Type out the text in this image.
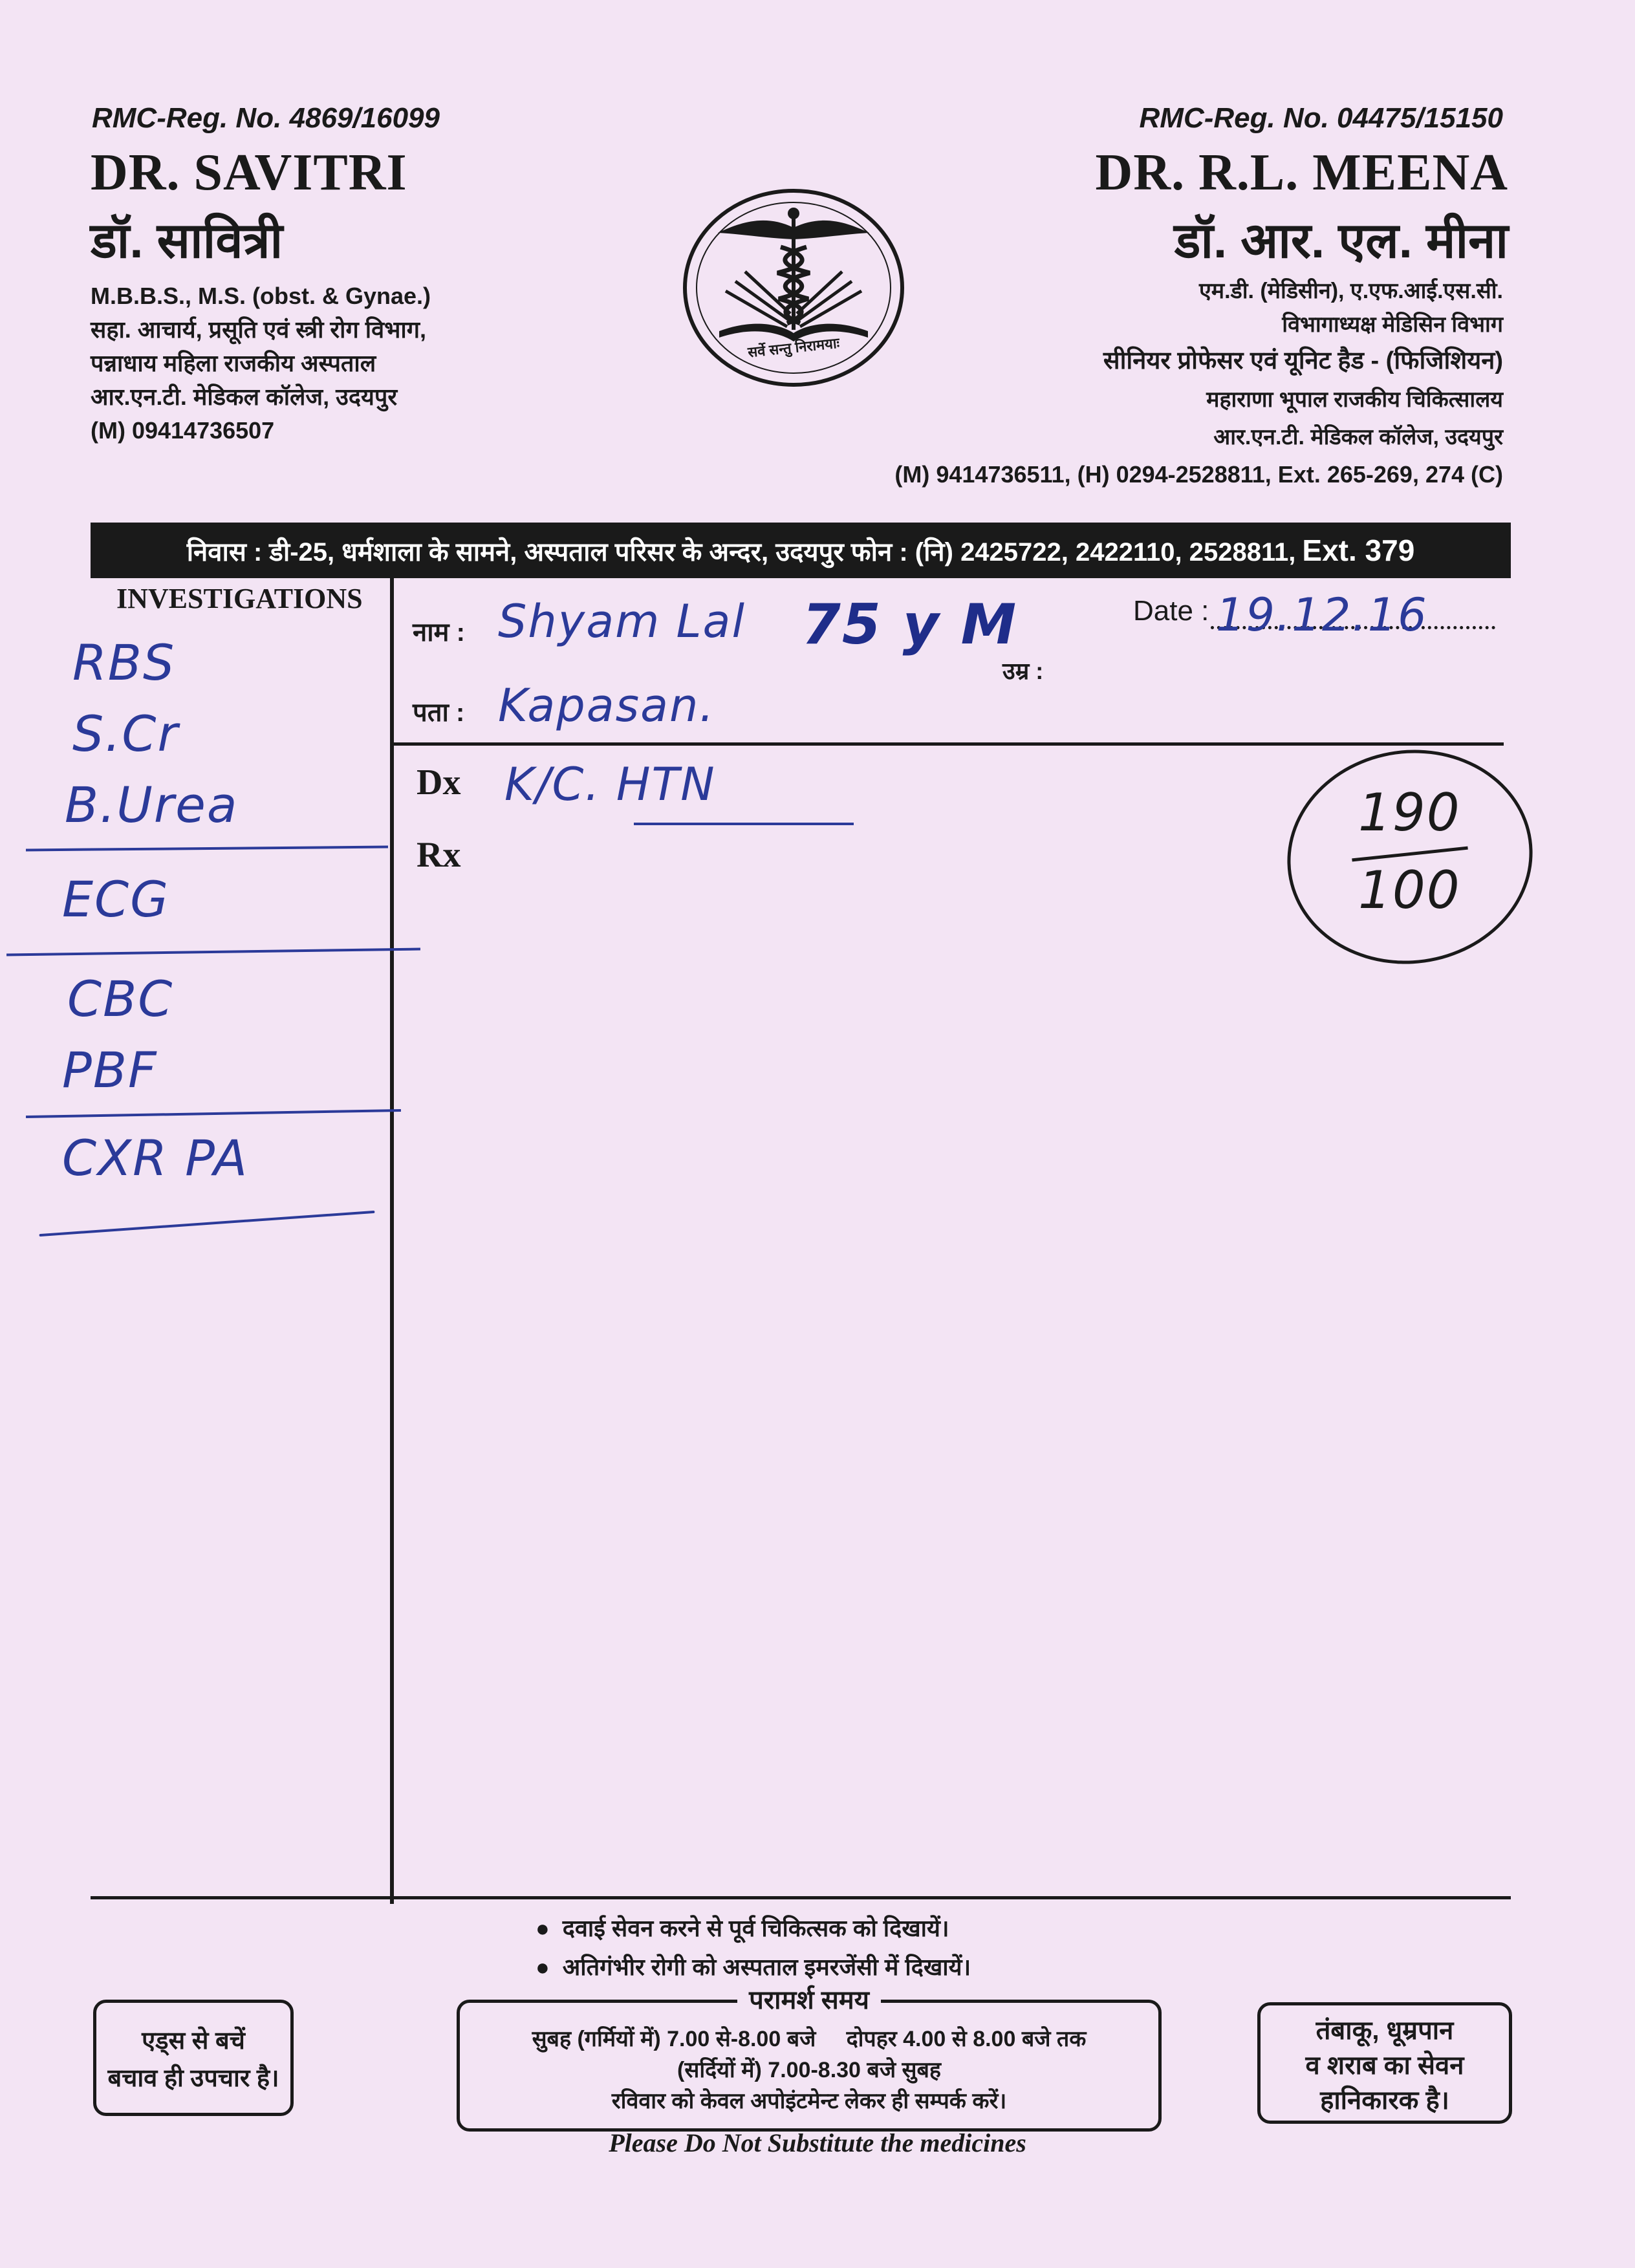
RMC-Reg. No. 4869/16099
DR. SAVITRI
डॉ. सावित्री
M.B.B.S., M.S. (obst. & Gynae.)
सहा. आचार्य, प्रसूति एवं स्त्री रोग विभाग,
पन्नाधाय महिला राजकीय अस्पताल
आर.एन.टी. मेडिकल कॉलेज, उदयपुर
(M) 09414736507
सर्वे सन्तु निरामयाः
RMC-Reg. No. 04475/15150
DR. R.L. MEENA
डॉ. आर. एल. मीना
एम.डी. (मेडिसीन), ए.एफ.आई.एस.सी.
विभागाध्यक्ष मेडिसिन विभाग
सीनियर प्रोफेसर एवं यूनिट हैड - (फिजिशियन)
महाराणा भूपाल राजकीय चिकित्सालय
आर.एन.टी. मेडिकल कॉलेज, उदयपुर
(M) 9414736511, (H) 0294-2528811, Ext. 265-269, 274 (C)
निवास : डी-25, धर्मशाला के सामने, अस्पताल परिसर के अन्दर, उदयपुर फोन : (नि) 2425722, 2422110, 2528811, Ext. 379
INVESTIGATIONS
RBS
S.Cr
B.Urea
ECG
CBC
PBF
CXR PA
नाम : Shyam Lal 75 y M
उम्र :
Date : 19.12.16
पता : Kapasan.
Dx K/C. HTN
Rx
190
100
●  दवाई सेवन करने से पूर्व चिकित्सक को दिखायें।
●  अतिगंभीर रोगी को अस्पताल इमरजेंसी में दिखायें।
एड्स से बचें
बचाव ही उपचार है।
परामर्श समय
सुबह (गर्मियों में) 7.00 से-8.00 बजे     दोपहर 4.00 से 8.00 बजे तक
(सर्दियों में) 7.00-8.30 बजे सुबह
रविवार को केवल अपोइंटमेन्ट लेकर ही सम्पर्क करें।
तंबाकू, धूम्रपान
व शराब का सेवन
हानिकारक है।
Please Do Not Substitute the medicines
